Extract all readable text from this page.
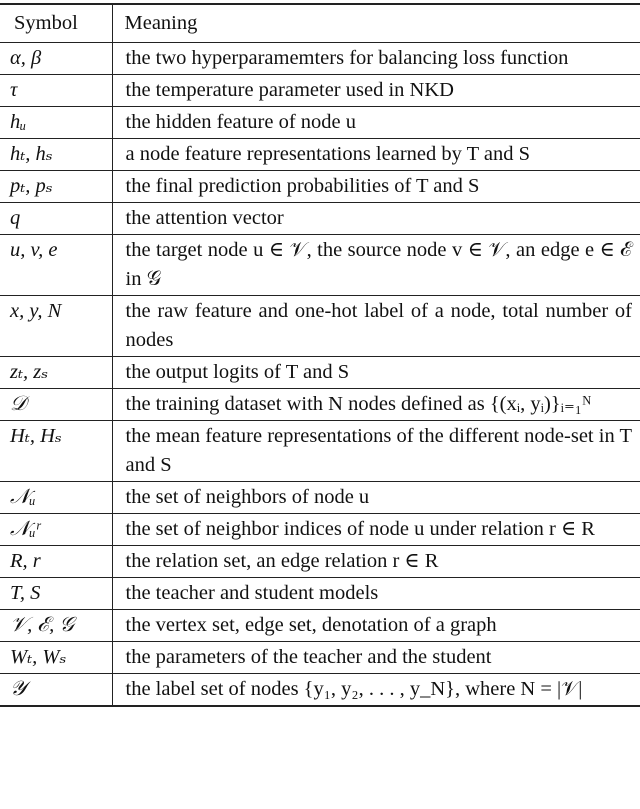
Symbol	Meaning
α, β	the two hyperparamemters for balancing loss function
τ	the temperature parameter used in NKD
hᵤ	the hidden feature of node u
hₜ, hₛ	a node feature representations learned by T and S
pₜ, pₛ	the final prediction probabilities of T and S
q	the attention vector
u, v, e	the target node u ∈ 𝒱, the source node v ∈ 𝒱, an edge e ∈ ℰ in 𝒢
x, y, N	the raw feature and one-hot label of a node, total number of nodes
zₜ, zₛ	the output logits of T and S
𝒟	the training dataset with N nodes defined as {(xᵢ, yᵢ)}ᵢ₌₁ᴺ
Hₜ, Hₛ	the mean feature representations of the different node-set in T and S
𝒩ᵤ	the set of neighbors of node u
𝒩ᵤʳ	the set of neighbor indices of node u under relation r ∈ R
R, r	the relation set, an edge relation r ∈ R
T, S	the teacher and student models
𝒱, ℰ, 𝒢	the vertex set, edge set, denotation of a graph
Wₜ, Wₛ	the parameters of the teacher and the student
𝒴	the label set of nodes {y₁, y₂, . . . , y_N}, where N = |𝒱|
